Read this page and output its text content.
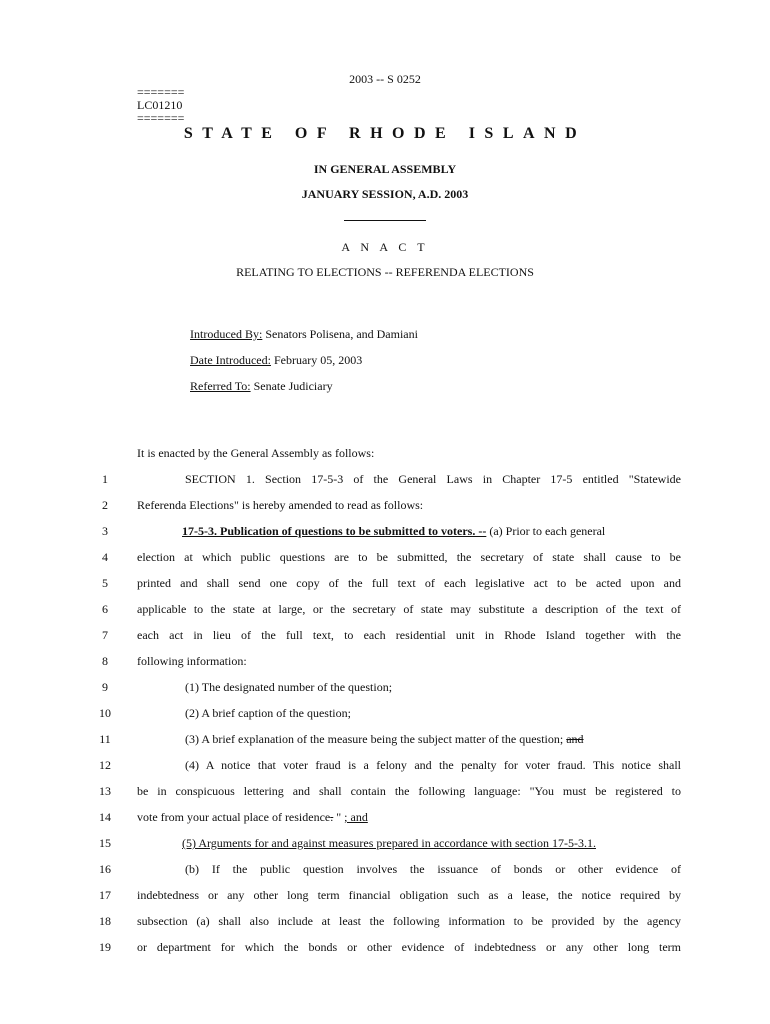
2003 -- S 0252
=======
LC01210
=======
STATE OF RHODE ISLAND
IN GENERAL ASSEMBLY
JANUARY SESSION, A.D. 2003
A N A C T
RELATING TO ELECTIONS -- REFERENDA ELECTIONS
Introduced By: Senators Polisena, and Damiani
Date Introduced: February 05, 2003
Referred To: Senate Judiciary
It is enacted by the General Assembly as follows:
1	SECTION 1. Section 17-5-3 of the General Laws in Chapter 17-5 entitled "Statewide
2	Referenda Elections" is hereby amended to read as follows:
3	17-5-3. Publication of questions to be submitted to voters. -- (a) Prior to each general
4	election at which public questions are to be submitted, the secretary of state shall cause to be
5	printed and shall send one copy of the full text of each legislative act to be acted upon and
6	applicable to the state at large, or the secretary of state may substitute a description of the text of
7	each act in lieu of the full text, to each residential unit in Rhode Island together with the
8	following information:
9	(1) The designated number of the question;
10	(2) A brief caption of the question;
11	(3) A brief explanation of the measure being the subject matter of the question; and
12	(4) A notice that voter fraud is a felony and the penalty for voter fraud. This notice shall
13	be in conspicuous lettering and shall contain the following language: "You must be registered to
14	vote from your actual place of residence. " ; and
15	(5) Arguments for and against measures prepared in accordance with section 17-5-3.1.
16	(b) If the public question involves the issuance of bonds or other evidence of
17	indebtedness or any other long term financial obligation such as a lease, the notice required by
18	subsection (a) shall also include at least the following information to be provided by the agency
19	or department for which the bonds or other evidence of indebtedness or any other long term
